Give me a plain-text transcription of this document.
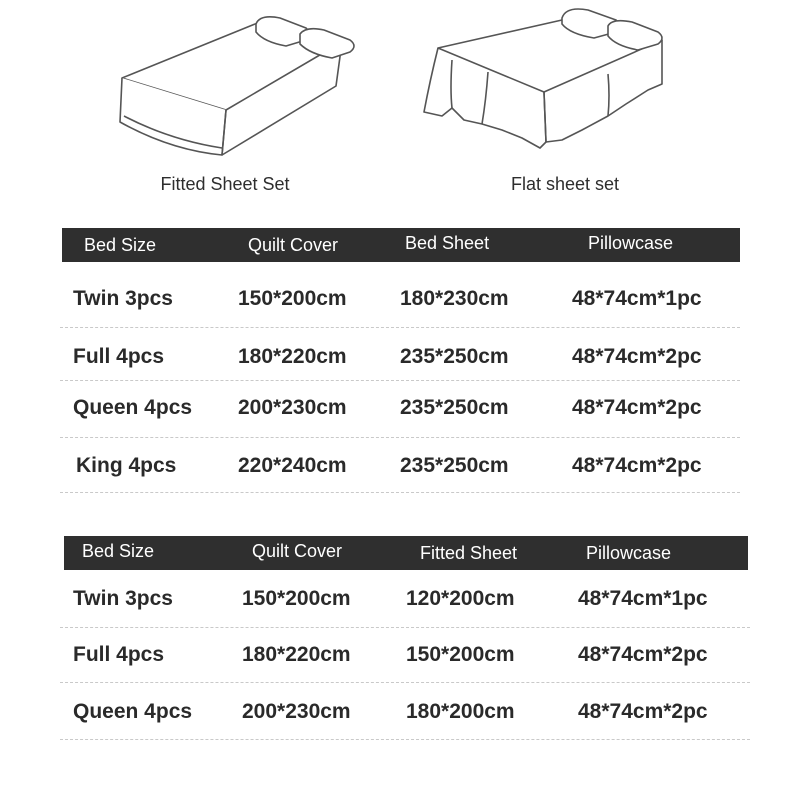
Fitted Sheet Set	Flat sheet set
Bed Size	Quilt Cover	Bed Sheet	Pillowcase
Twin 3pcs	150*200cm	180*230cm	48*74cm*1pc
Full 4pcs	180*220cm	235*250cm	48*74cm*2pc
Queen 4pcs 200*230cm	235*250cm	48*74cm*2pc
King 4pcs	220*240cm	235*250cm	48*74cm*2pc
Bed Size	Quilt Cover	Fitted Sheet	Pillowcase
Twin 3pcs	150*200cm	120*200cm	48*74cm*1pc
Full 4pcs	180*220cm	150*200cm	48*74cm*2pc
Queen 4pcs 200*230cm	180*200cm	48*74cm*2pc
